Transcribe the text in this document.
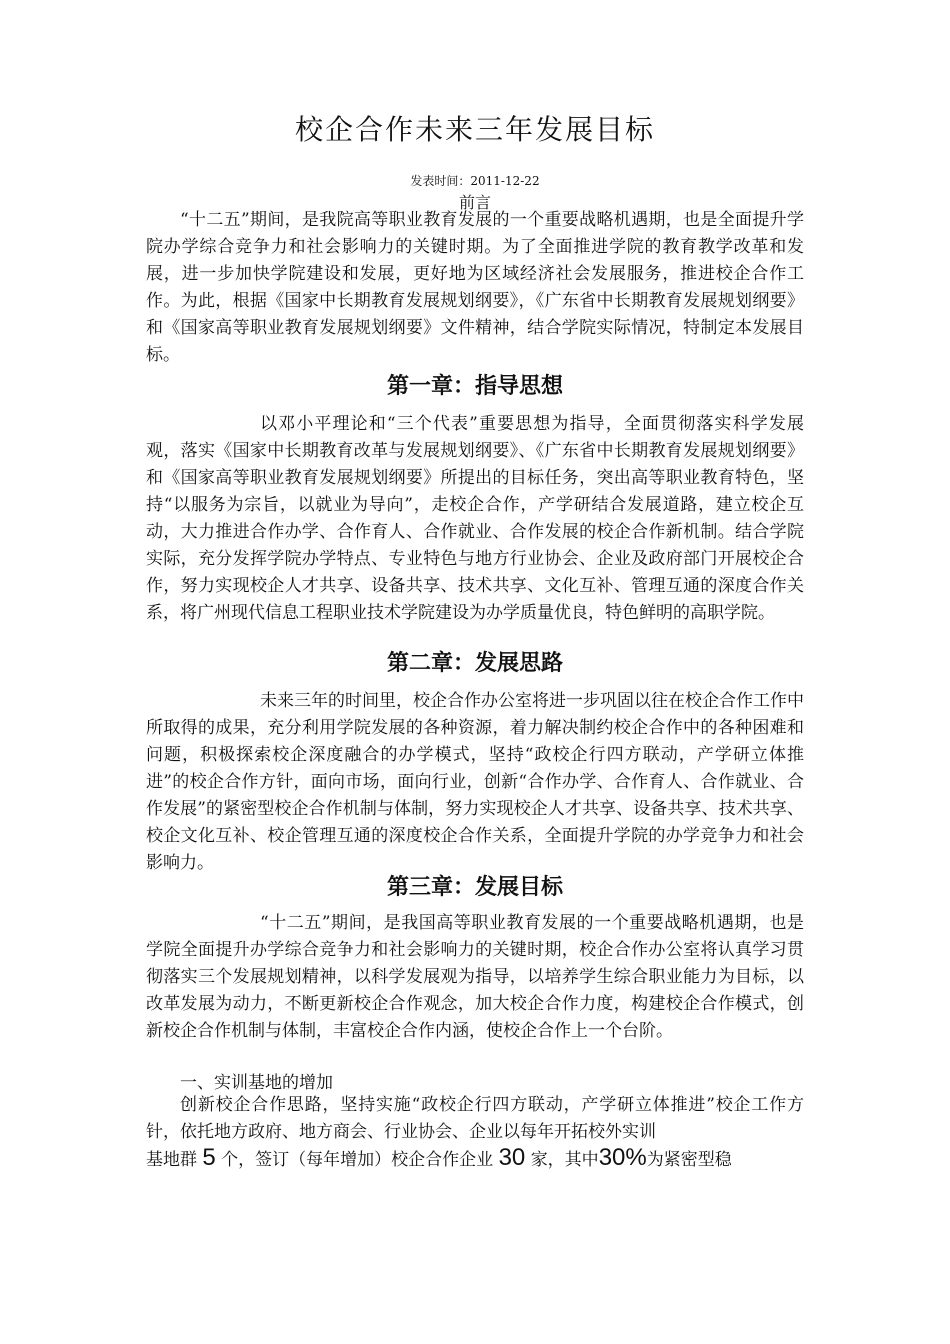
校企合作未来三年发展目标
发表时间：2011-12-22
前言

“十二五”期间，是我院高等职业教育发展的一个重要战略机遇期，也是全面提升学院办学综合竞争力和社会影响力的关键时期。为了全面推进学院的教育教学改革和发展，进一步加快学院建设和发展，更好地为区域经济社会发展服务，推进校企合作工作。为此，根据《国家中长期教育发展规划纲要》，《广东省中长期教育发展规划纲要》和《国家高等职业教育发展规划纲要》文件精神，结合学院实际情况，特制定本发展目标。

第一章：指导思想

以邓小平理论和“三个代表”重要思想为指导，全面贯彻落实科学发展观，落实《国家中长期教育改革与发展规划纲要》、《广东省中长期教育发展规划纲要》和《国家高等职业教育发展规划纲要》所提出的目标任务，突出高等职业教育特色，坚持“以服务为宗旨，以就业为导向”，走校企合作，产学研结合发展道路，建立校企互动，大力推进合作办学、合作育人、合作就业、合作发展的校企合作新机制。结合学院实际，充分发挥学院办学特点、专业特色与地方行业协会、企业及政府部门开展校企合作，努力实现校企人才共享、设备共享、技术共享、文化互补、管理互通的深度合作关系，将广州现代信息工程职业技术学院建设为办学质量优良，特色鲜明的高职学院。

第二章：发展思路

未来三年的时间里，校企合作办公室将进一步巩固以往在校企合作工作中所取得的成果，充分利用学院发展的各种资源，着力解决制约校企合作中的各种困难和问题，积极探索校企深度融合的办学模式，坚持“政校企行四方联动，产学研立体推进”的校企合作方针，面向市场，面向行业，创新“合作办学、合作育人、合作就业、合作发展”的紧密型校企合作机制与体制，努力实现校企人才共享、设备共享、技术共享、校企文化互补、校企管理互通的深度校企合作关系，全面提升学院的办学竞争力和社会影响力。

第三章：发展目标

“十二五”期间，是我国高等职业教育发展的一个重要战略机遇期，也是学院全面提升办学综合竞争力和社会影响力的关键时期，校企合作办公室将认真学习贯彻落实三个发展规划精神，以科学发展观为指导，以培养学生综合职业能力为目标，以改革发展为动力，不断更新校企合作观念，加大校企合作力度，构建校企合作模式，创新校企合作机制与体制，丰富校企合作内涵，使校企合作上一个台阶。

一、实训基地的增加

创新校企合作思路，坚持实施“政校企行四方联动，产学研立体推进”校企工作方针，依托地方政府、地方商会、行业协会、企业以每年开拓校外实训

基地群 5 个，签订（每年增加）校企合作企业 30 家，其中30%为紧密型稳
